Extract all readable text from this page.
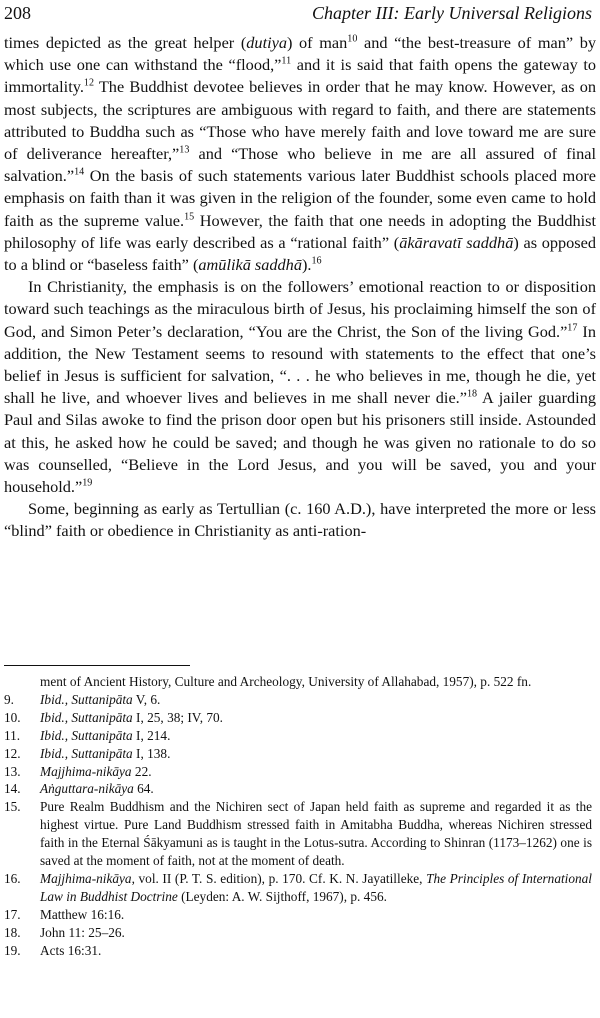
208	Chapter III: Early Universal Religions

times depicted as the great helper (dutiya) of man$^{10}$ and “the best-treasure of man” by which use one can withstand the “flood,”$^{11}$ and it is said that faith opens the gateway to immortality.$^{12}$ The Buddhist devotee believes in order that he may know. However, as on most subjects, the scriptures are ambiguous with regard to faith, and there are statements attributed to Buddha such as “Those who have merely faith and love toward me are sure of deliverance hereafter,”$^{13}$ and “Those who believe in me are all assured of final salvation.”$^{14}$ On the basis of such statements various later Buddhist schools placed more emphasis on faith than it was given in the religion of the founder, some even came to hold faith as the supreme value.$^{15}$ However, the faith that one needs in adopting the Buddhist philosophy of life was early described as a “rational faith” (ākāravatī saddhā) as opposed to a blind or “baseless faith” (amūlikā saddhā).$^{16}$

In Christianity, the emphasis is on the followers’ emotional reaction to or disposition toward such teachings as the miraculous birth of Jesus, his proclaiming himself the son of God, and Simon Peter’s declaration, “You are the Christ, the Son of the living God.”$^{17}$ In addition, the New Testament seems to resound with statements to the effect that one’s belief in Jesus is sufficient for salvation, “. . . he who believes in me, though he die, yet shall he live, and whoever lives and believes in me shall never die.”$^{18}$ A jailer guarding Paul and Silas awoke to find the prison door open but his prisoners still inside. Astounded at this, he asked how he could be saved; and though he was given no rationale to do so was counselled, “Believe in the Lord Jesus, and you will be saved, you and your household.”$^{19}$

Some, beginning as early as Tertullian (c. 160 A.D.), have interpreted the more or less “blind” faith or obedience in Christianity as anti-ration-

ment of Ancient History, Culture and Archeology, University of Allahabad, 1957), p. 522 fn.
9. Ibid., Suttanipāta V, 6.
10. Ibid., Suttanipāta I, 25, 38; IV, 70.
11. Ibid., Suttanipāta I, 214.
12. Ibid., Suttanipāta I, 138.
13. Majjhima-nikāya 22.
14. Aṅguttara-nikāya 64.
15. Pure Realm Buddhism and the Nichiren sect of Japan held faith as supreme and regarded it as the highest virtue. Pure Land Buddhism stressed faith in Amitabha Buddha, whereas Nichiren stressed faith in the Eternal Śākyamuni as is taught in the Lotus-sutra. According to Shinran (1173–1262) one is saved at the moment of faith, not at the moment of death.
16. Majjhima-nikāya, vol. II (P. T. S. edition), p. 170. Cf. K. N. Jayatilleke, The Principles of International Law in Buddhist Doctrine (Leyden: A. W. Sijthoff, 1967), p. 456.
17. Matthew 16:16.
18. John 11: 25–26.
19. Acts 16:31.
